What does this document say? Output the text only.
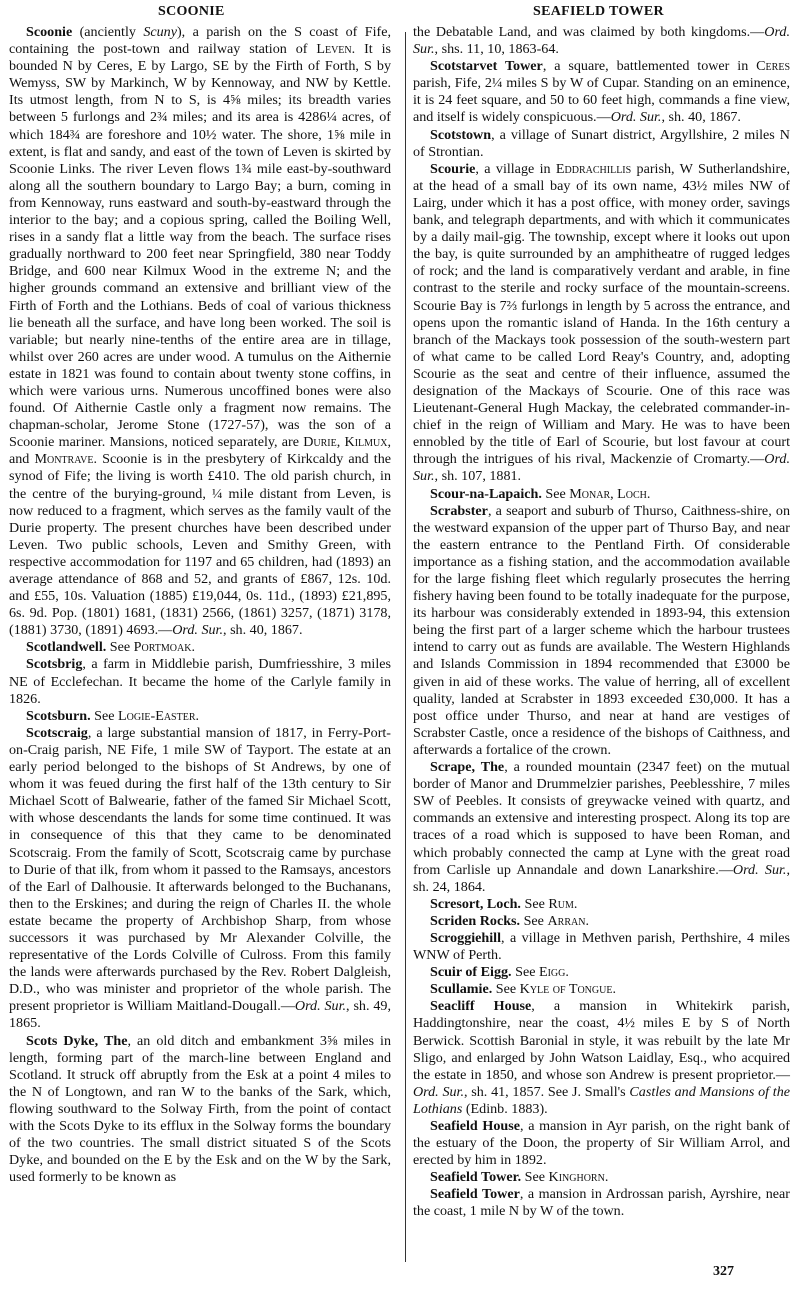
SCOONIE	SEAFIELD TOWER

Scoonie (anciently Scuny), a parish on the S coast of Fife, containing the post-town and railway station of Leven. It is bounded N by Ceres, E by Largo, SE by the Firth of Forth, S by Wemyss, SW by Markinch, W by Kennoway, and NW by Kettle. Its utmost length, from N to S, is 4⅝ miles; its breadth varies between 5 furlongs and 2¾ miles; and its area is 4286¼ acres, of which 184¾ are foreshore and 10½ water. The shore, 1⅝ mile in extent, is flat and sandy, and east of the town of Leven is skirted by Scoonie Links. The river Leven flows 1¾ mile east-by-southward along all the southern boundary to Largo Bay; a burn, coming in from Kennoway, runs eastward and south-by-eastward through the interior to the bay; and a copious spring, called the Boiling Well, rises in a sandy flat a little way from the beach. The surface rises gradually northward to 200 feet near Springfield, 380 near Toddy Bridge, and 600 near Kilmux Wood in the extreme N; and the higher grounds command an extensive and brilliant view of the Firth of Forth and the Lothians. Beds of coal of various thickness lie beneath all the surface, and have long been worked. The soil is variable; but nearly nine-tenths of the entire area are in tillage, whilst over 260 acres are under wood. A tumulus on the Aithernie estate in 1821 was found to contain about twenty stone coffins, in which were various urns. Numerous uncoffined bones were also found. Of Aithernie Castle only a fragment now remains. The chapman-scholar, Jerome Stone (1727-57), was the son of a Scoonie mariner. Mansions, noticed separately, are Durie, Kilmux, and Montrave. Scoonie is in the presbytery of Kirkcaldy and the synod of Fife; the living is worth £410. The old parish church, in the centre of the burying-ground, ¼ mile distant from Leven, is now reduced to a fragment, which serves as the family vault of the Durie property. The present churches have been described under Leven. Two public schools, Leven and Smithy Green, with respective accommodation for 1197 and 65 children, had (1893) an average attendance of 868 and 52, and grants of £867, 12s. 10d. and £55, 10s. Valuation (1885) £19,044, 0s. 11d., (1893) £21,895, 6s. 9d. Pop. (1801) 1681, (1831) 2566, (1861) 3257, (1871) 3178, (1881) 3730, (1891) 4693.—Ord. Sur., sh. 40, 1867.

Scotlandwell. See Portmoak.

Scotsbrig, a farm in Middlebie parish, Dumfriesshire, 3 miles NE of Ecclefechan. It became the home of the Carlyle family in 1826.

Scotsburn. See Logie-Easter.

Scotscraig, a large substantial mansion of 1817, in Ferry-Port-on-Craig parish, NE Fife, 1 mile SW of Tayport. The estate at an early period belonged to the bishops of St Andrews, by one of whom it was feued during the first half of the 13th century to Sir Michael Scott of Balwearie, father of the famed Sir Michael Scott, with whose descendants the lands for some time continued. It was in consequence of this that they came to be denominated Scotscraig. From the family of Scott, Scotscraig came by purchase to Durie of that ilk, from whom it passed to the Ramsays, ancestors of the Earl of Dalhousie. It afterwards belonged to the Buchanans, then to the Erskines; and during the reign of Charles II. the whole estate became the property of Archbishop Sharp, from whose successors it was purchased by Mr Alexander Colville, the representative of the Lords Colville of Culross. From this family the lands were afterwards purchased by the Rev. Robert Dalgleish, D.D., who was minister and proprietor of the whole parish. The present proprietor is William Maitland-Dougall.—Ord. Sur., sh. 49, 1865.

Scots Dyke, The, an old ditch and embankment 3⅝ miles in length, forming part of the march-line between England and Scotland. It struck off abruptly from the Esk at a point 4 miles to the N of Longtown, and ran W to the banks of the Sark, which, flowing southward to the Solway Firth, from the point of contact with the Scots Dyke to its efflux in the Solway forms the boundary of the two countries. The small district situated S of the Scots Dyke, and bounded on the E by the Esk and on the W by the Sark, used formerly to be known as

the Debatable Land, and was claimed by both kingdoms.—Ord. Sur., shs. 11, 10, 1863-64.

Scotstarvet Tower, a square, battlemented tower in Ceres parish, Fife, 2¼ miles S by W of Cupar. Standing on an eminence, it is 24 feet square, and 50 to 60 feet high, commands a fine view, and itself is widely conspicuous.—Ord. Sur., sh. 40, 1867.

Scotstown, a village of Sunart district, Argyllshire, 2 miles N of Strontian.

Scourie, a village in Eddrachillis parish, W Sutherlandshire, at the head of a small bay of its own name, 43½ miles NW of Lairg, under which it has a post office, with money order, savings bank, and telegraph departments, and with which it communicates by a daily mail-gig. The township, except where it looks out upon the bay, is quite surrounded by an amphitheatre of rugged ledges of rock; and the land is comparatively verdant and arable, in fine contrast to the sterile and rocky surface of the mountain-screens. Scourie Bay is 7⅔ furlongs in length by 5 across the entrance, and opens upon the romantic island of Handa. In the 16th century a branch of the Mackays took possession of the south-western part of what came to be called Lord Reay's Country, and, adopting Scourie as the seat and centre of their influence, assumed the designation of the Mackays of Scourie. One of this race was Lieutenant-General Hugh Mackay, the celebrated commander-in-chief in the reign of William and Mary. He was to have been ennobled by the title of Earl of Scourie, but lost favour at court through the intrigues of his rival, Mackenzie of Cromarty.—Ord. Sur., sh. 107, 1881.

Scour-na-Lapaich. See Monar, Loch.

Scrabster, a seaport and suburb of Thurso, Caithness-shire, on the westward expansion of the upper part of Thurso Bay, and near the eastern entrance to the Pentland Firth. Of considerable importance as a fishing station, and the accommodation available for the large fishing fleet which regularly prosecutes the herring fishery having been found to be totally inadequate for the purpose, its harbour was considerably extended in 1893-94, this extension being the first part of a larger scheme which the harbour trustees intend to carry out as funds are available. The Western Highlands and Islands Commission in 1894 recommended that £3000 be given in aid of these works. The value of herring, all of excellent quality, landed at Scrabster in 1893 exceeded £30,000. It has a post office under Thurso, and near at hand are vestiges of Scrabster Castle, once a residence of the bishops of Caithness, and afterwards a fortalice of the crown.

Scrape, The, a rounded mountain (2347 feet) on the mutual border of Manor and Drummelzier parishes, Peeblesshire, 7 miles SW of Peebles. It consists of greywacke veined with quartz, and commands an extensive and interesting prospect. Along its top are traces of a road which is supposed to have been Roman, and which probably connected the camp at Lyne with the great road from Carlisle up Annandale and down Lanarkshire.—Ord. Sur., sh. 24, 1864.

Scresort, Loch. See Rum.

Scriden Rocks. See Arran.

Scroggiehill, a village in Methven parish, Perthshire, 4 miles WNW of Perth.

Scuir of Eigg. See Eigg.

Scullamie. See Kyle of Tongue.

Seacliff House, a mansion in Whitekirk parish, Haddingtonshire, near the coast, 4½ miles E by S of North Berwick. Scottish Baronial in style, it was rebuilt by the late Mr Sligo, and enlarged by John Watson Laidlay, Esq., who acquired the estate in 1850, and whose son Andrew is present proprietor.—Ord. Sur., sh. 41, 1857. See J. Small's Castles and Mansions of the Lothians (Edinb. 1883).

Seafield House, a mansion in Ayr parish, on the right bank of the estuary of the Doon, the property of Sir William Arrol, and erected by him in 1892.

Seafield Tower. See Kinghorn.

Seafield Tower, a mansion in Ardrossan parish, Ayrshire, near the coast, 1 mile N by W of the town.

327
